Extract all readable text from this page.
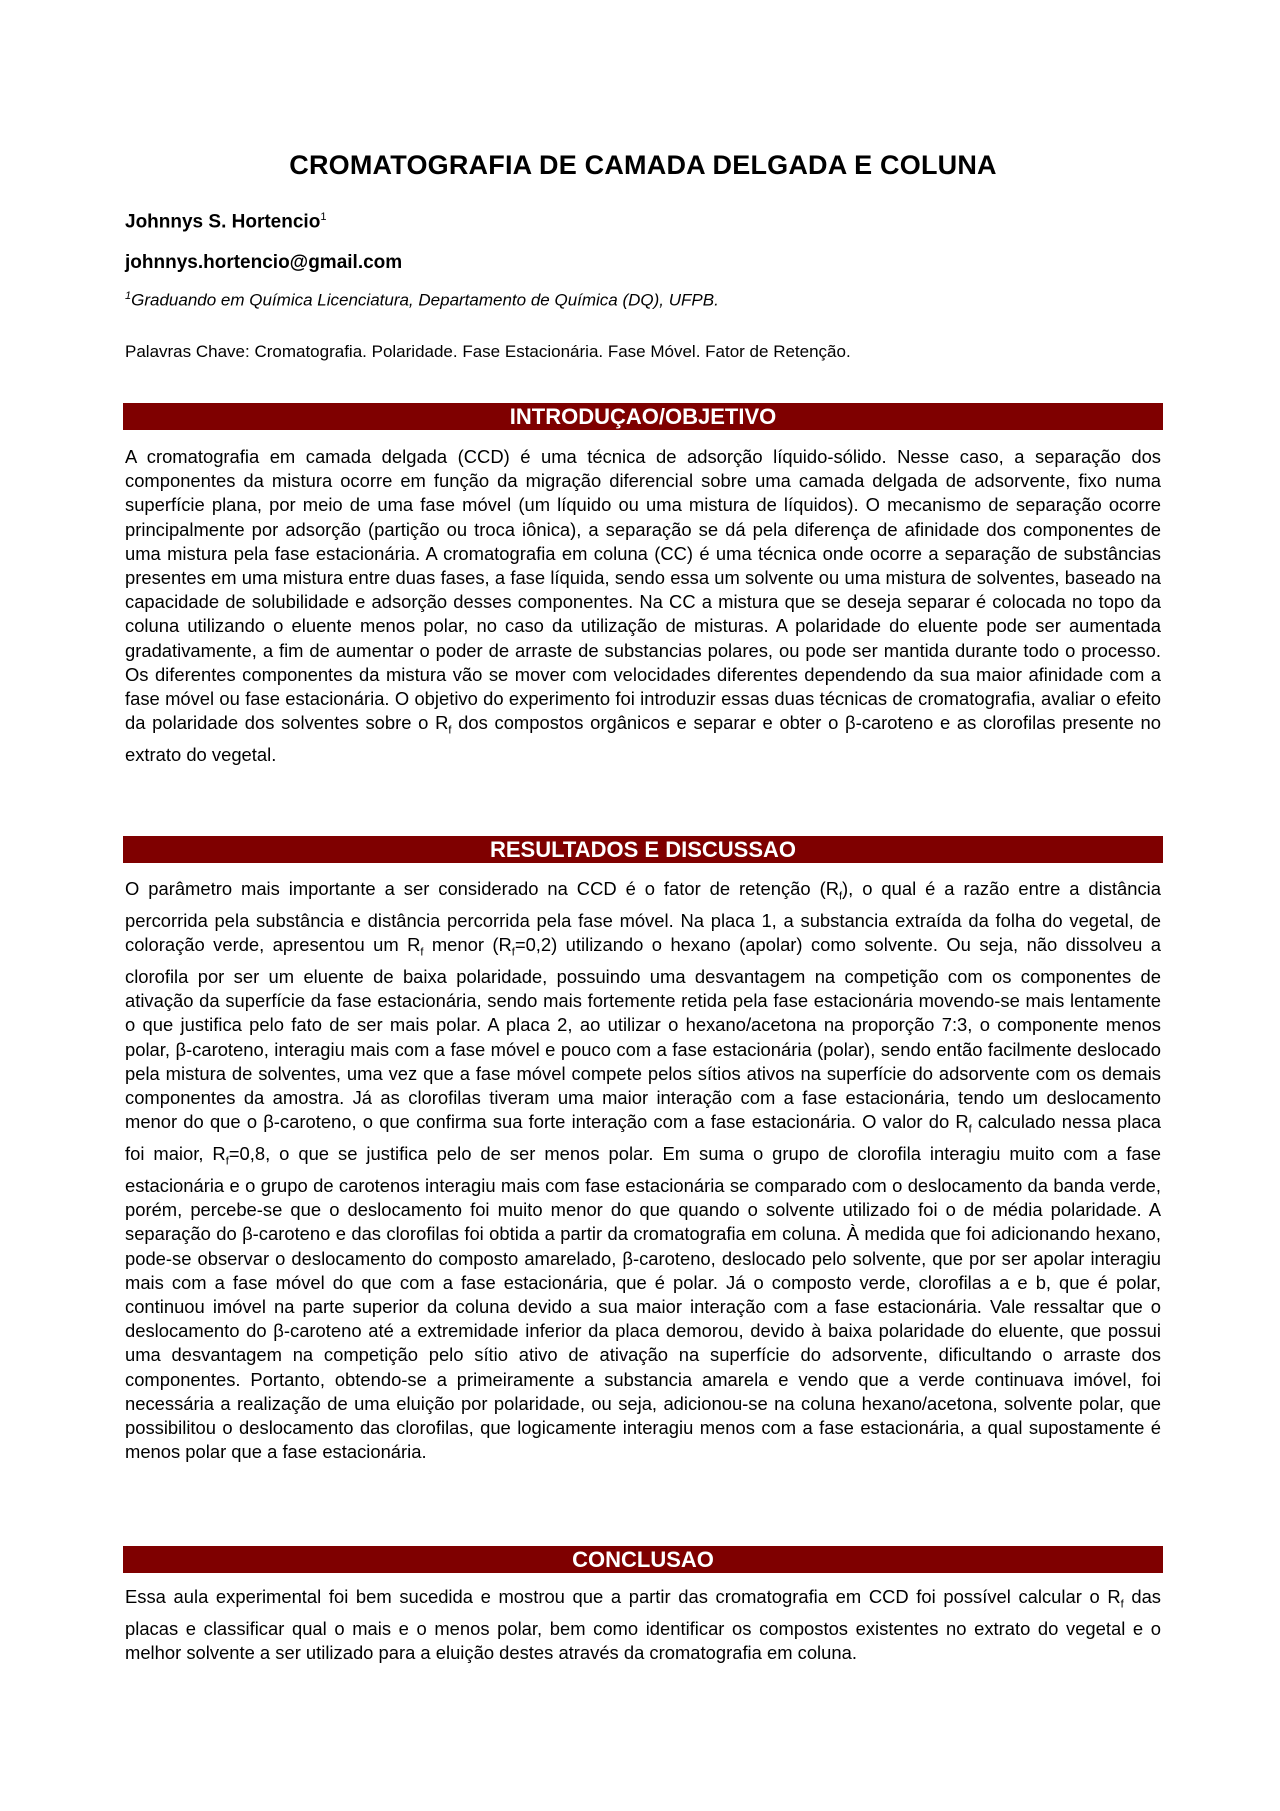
CROMATOGRAFIA DE CAMADA DELGADA E COLUNA
Johnnys S. Hortencio$^1$
johnnys.hortencio@gmail.com
$^1$Graduando em Química Licenciatura, Departamento de Química (DQ), UFPB.
Palavras Chave: Cromatografia. Polaridade. Fase Estacionária. Fase Móvel. Fator de Retenção.
INTRODUÇAO/OBJETIVO
A cromatografia em camada delgada (CCD) é uma técnica de adsorção líquido-sólido. Nesse caso, a separação dos componentes da mistura ocorre em função da migração diferencial sobre uma camada delgada de adsorvente, fixo numa superfície plana, por meio de uma fase móvel (um líquido ou uma mistura de líquidos). O mecanismo de separação ocorre principalmente por adsorção (partição ou troca iônica), a separação se dá pela diferença de afinidade dos componentes de uma mistura pela fase estacionária. A cromatografia em coluna (CC) é uma técnica onde ocorre a separação de substâncias presentes em uma mistura entre duas fases, a fase líquida, sendo essa um solvente ou uma mistura de solventes, baseado na capacidade de solubilidade e adsorção desses componentes. Na CC a mistura que se deseja separar é colocada no topo da coluna utilizando o eluente menos polar, no caso da utilização de misturas. A polaridade do eluente pode ser aumentada gradativamente, a fim de aumentar o poder de arraste de substancias polares, ou pode ser mantida durante todo o processo. Os diferentes componentes da mistura vão se mover com velocidades diferentes dependendo da sua maior afinidade com a fase móvel ou fase estacionária. O objetivo do experimento foi introduzir essas duas técnicas de cromatografia, avaliar o efeito da polaridade dos solventes sobre o $R_f$ dos compostos orgânicos e separar e obter o β-caroteno e as clorofilas presente no extrato do vegetal.
RESULTADOS E DISCUSSAO
O parâmetro mais importante a ser considerado na CCD é o fator de retenção $(R_f)$, o qual é a razão entre a distância percorrida pela substância e distância percorrida pela fase móvel. Na placa 1, a substancia extraída da folha do vegetal, de coloração verde, apresentou um $R_f$ menor $(R_f=0,2)$ utilizando o hexano (apolar) como solvente. Ou seja, não dissolveu a clorofila por ser um eluente de baixa polaridade, possuindo uma desvantagem na competição com os componentes de ativação da superfície da fase estacionária, sendo mais fortemente retida pela fase estacionária movendo-se mais lentamente o que justifica pelo fato de ser mais polar. A placa 2, ao utilizar o hexano/acetona na proporção 7:3, o componente menos polar, β-caroteno, interagiu mais com a fase móvel e pouco com a fase estacionária (polar), sendo então facilmente deslocado pela mistura de solventes, uma vez que a fase móvel compete pelos sítios ativos na superfície do adsorvente com os demais componentes da amostra. Já as clorofilas tiveram uma maior interação com a fase estacionária, tendo um deslocamento menor do que o β-caroteno, o que confirma sua forte interação com a fase estacionária. O valor do $R_f$ calculado nessa placa foi maior, $R_f=0,8$, o que se justifica pelo de ser menos polar. Em suma o grupo de clorofila interagiu muito com a fase estacionária e o grupo de carotenos interagiu mais com fase estacionária se comparado com o deslocamento da banda verde, porém, percebe-se que o deslocamento foi muito menor do que quando o solvente utilizado foi o de média polaridade. A separação do β-caroteno e das clorofilas foi obtida a partir da cromatografia em coluna. À medida que foi adicionando hexano, pode-se observar o deslocamento do composto amarelado, β-caroteno, deslocado pelo solvente, que por ser apolar interagiu mais com a fase móvel do que com a fase estacionária, que é polar. Já o composto verde, clorofilas a e b, que é polar, continuou imóvel na parte superior da coluna devido a sua maior interação com a fase estacionária. Vale ressaltar que o deslocamento do β-caroteno até a extremidade inferior da placa demorou, devido à baixa polaridade do eluente, que possui uma desvantagem na competição pelo sítio ativo de ativação na superfície do adsorvente, dificultando o arraste dos componentes. Portanto, obtendo-se a primeiramente a substancia amarela e vendo que a verde continuava imóvel, foi necessária a realização de uma eluição por polaridade, ou seja, adicionou-se na coluna hexano/acetona, solvente polar, que possibilitou o deslocamento das clorofilas, que logicamente interagiu menos com a fase estacionária, a qual supostamente é menos polar que a fase estacionária.
CONCLUSAO
Essa aula experimental foi bem sucedida e mostrou que a partir das cromatografia em CCD foi possível calcular o $R_f$ das placas e classificar qual o mais e o menos polar, bem como identificar os compostos existentes no extrato do vegetal e o melhor solvente a ser utilizado para a eluição destes através da cromatografia em coluna.
